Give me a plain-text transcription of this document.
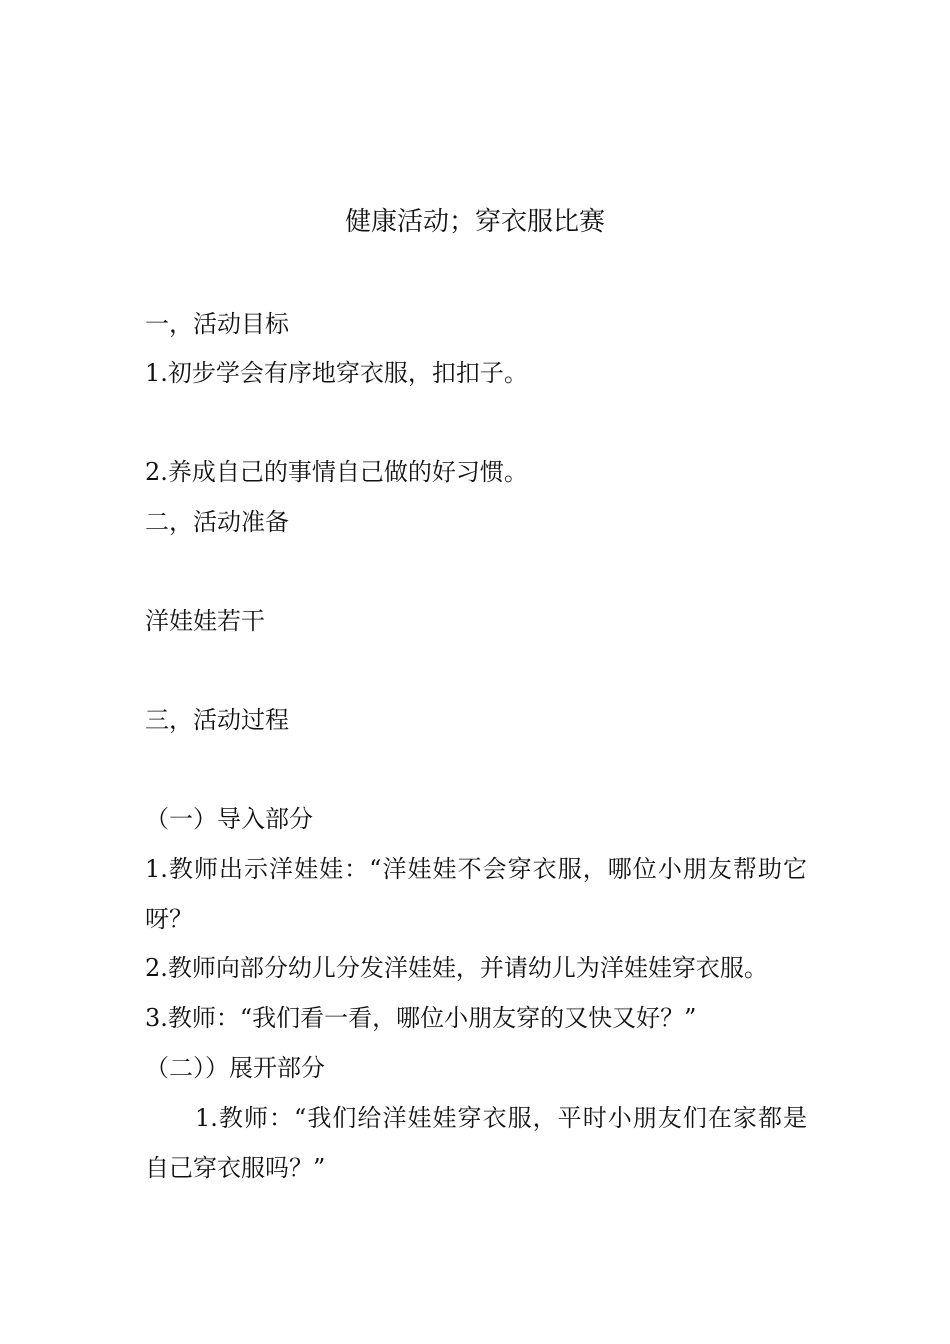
健康活动；穿衣服比赛
一，活动目标
1.初步学会有序地穿衣服，扣扣子。
2.养成自己的事情自己做的好习惯。
二，活动准备
洋娃娃若干
三，活动过程
（一）导入部分
1.教师出示洋娃娃：“洋娃娃不会穿衣服，哪位小朋友帮助它
呀？
2.教师向部分幼儿分发洋娃娃，并请幼儿为洋娃娃穿衣服。
3.教师：“我们看一看，哪位小朋友穿的又快又好？”
（二））展开部分
1.教师：“我们给洋娃娃穿衣服，平时小朋友们在家都是
自己穿衣服吗？”
